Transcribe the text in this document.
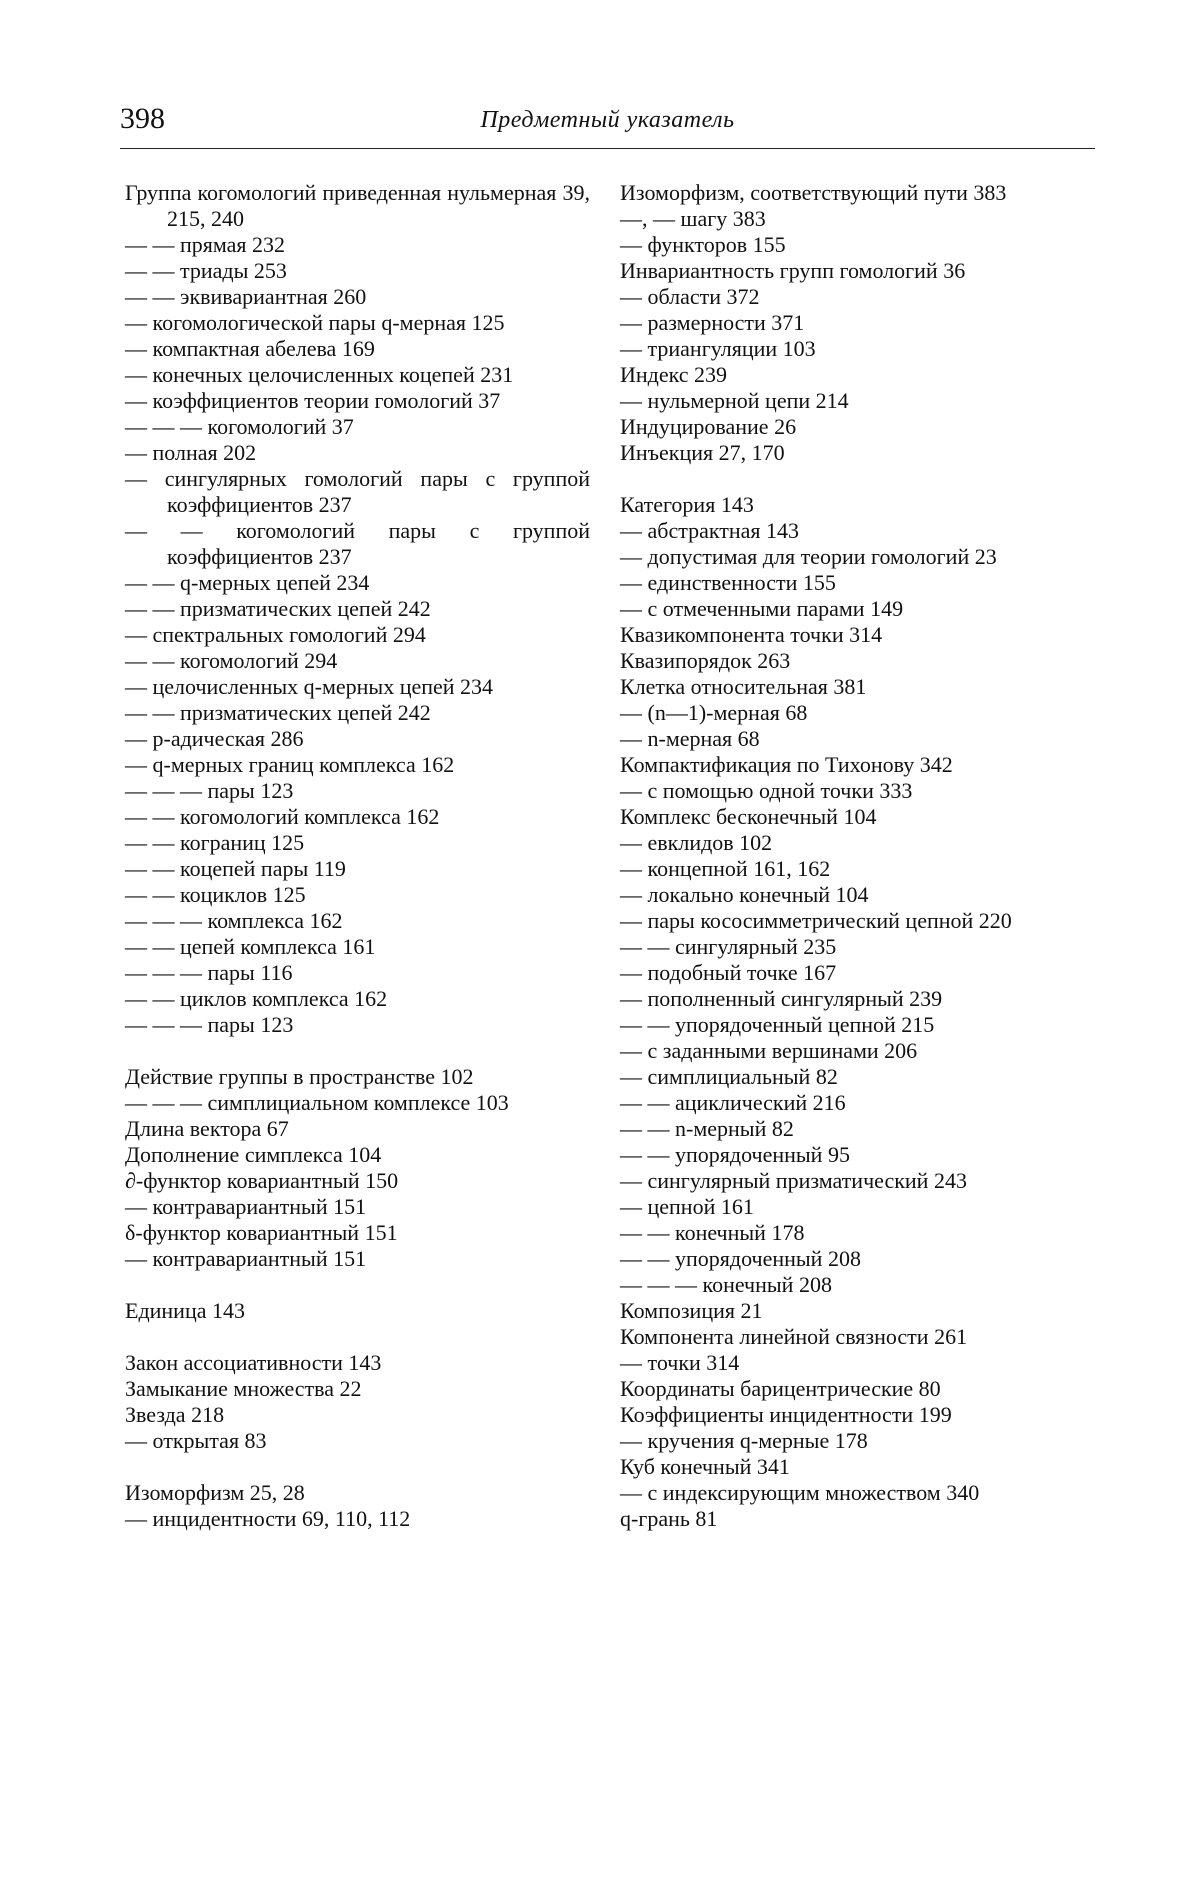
398	Предметный указатель
Группа когомологий приведенная нульмерная 39, 215, 240
— — прямая 232
— — триады 253
— — эквивариантная 260
— когомологической пары q-мерная 125
— компактная абелева 169
— конечных целочисленных коцепей 231
— коэффициентов теории гомологий 37
— — — когомологий 37
— полная 202
— сингулярных гомологий пары с группой коэффициентов 237
— — когомологий пары с группой коэффициентов 237
— — q-мерных цепей 234
— — призматических цепей 242
— спектральных гомологий 294
— — когомологий 294
— целочисленных q-мерных цепей 234
— — призматических цепей 242
— p-адическая 286
— q-мерных границ комплекса 162
— — — пары 123
— — когомологий комплекса 162
— — кограниц 125
— — коцепей пары 119
— — коциклов 125
— — — комплекса 162
— — цепей комплекса 161
— — — пары 116
— — циклов комплекса 162
— — — пары 123
Действие группы в пространстве 102
— — — симплициальном комплексе 103
Длина вектора 67
Дополнение симплекса 104
∂-функтор ковариантный 150
— контравариантный 151
δ-функтор ковариантный 151
— контравариантный 151
Единица 143
Закон ассоциативности 143
Замыкание множества 22
Звезда 218
— открытая 83
Изоморфизм 25, 28
— инцидентности 69, 110, 112
Изоморфизм, соответствующий пути 383
—, — шагу 383
— функторов 155
Инвариантность групп гомологий 36
— области 372
— размерности 371
— триангуляции 103
Индекс 239
— нульмерной цепи 214
Индуцирование 26
Инъекция 27, 170
Категория 143
— абстрактная 143
— допустимая для теории гомологий 23
— единственности 155
— с отмеченными парами 149
Квазикомпонента точки 314
Квазипорядок 263
Клетка относительная 381
— (n—1)-мерная 68
— n-мерная 68
Компактификация по Тихонову 342
— с помощью одной точки 333
Комплекс бесконечный 104
— евклидов 102
— концепной 161, 162
— локально конечный 104
— пары кососимметрический цепной 220
— — сингулярный 235
— подобный точке 167
— пополненный сингулярный 239
— — упорядоченный цепной 215
— с заданными вершинами 206
— симплициальный 82
— — ациклический 216
— — n-мерный 82
— — упорядоченный 95
— сингулярный призматический 243
— цепной 161
— — конечный 178
— — упорядоченный 208
— — — конечный 208
Композиция 21
Компонента линейной связности 261
— точки 314
Координаты барицентрические 80
Коэффициенты инцидентности 199
— кручения q-мерные 178
Куб конечный 341
— с индексирующим множеством 340
q-грань 81
